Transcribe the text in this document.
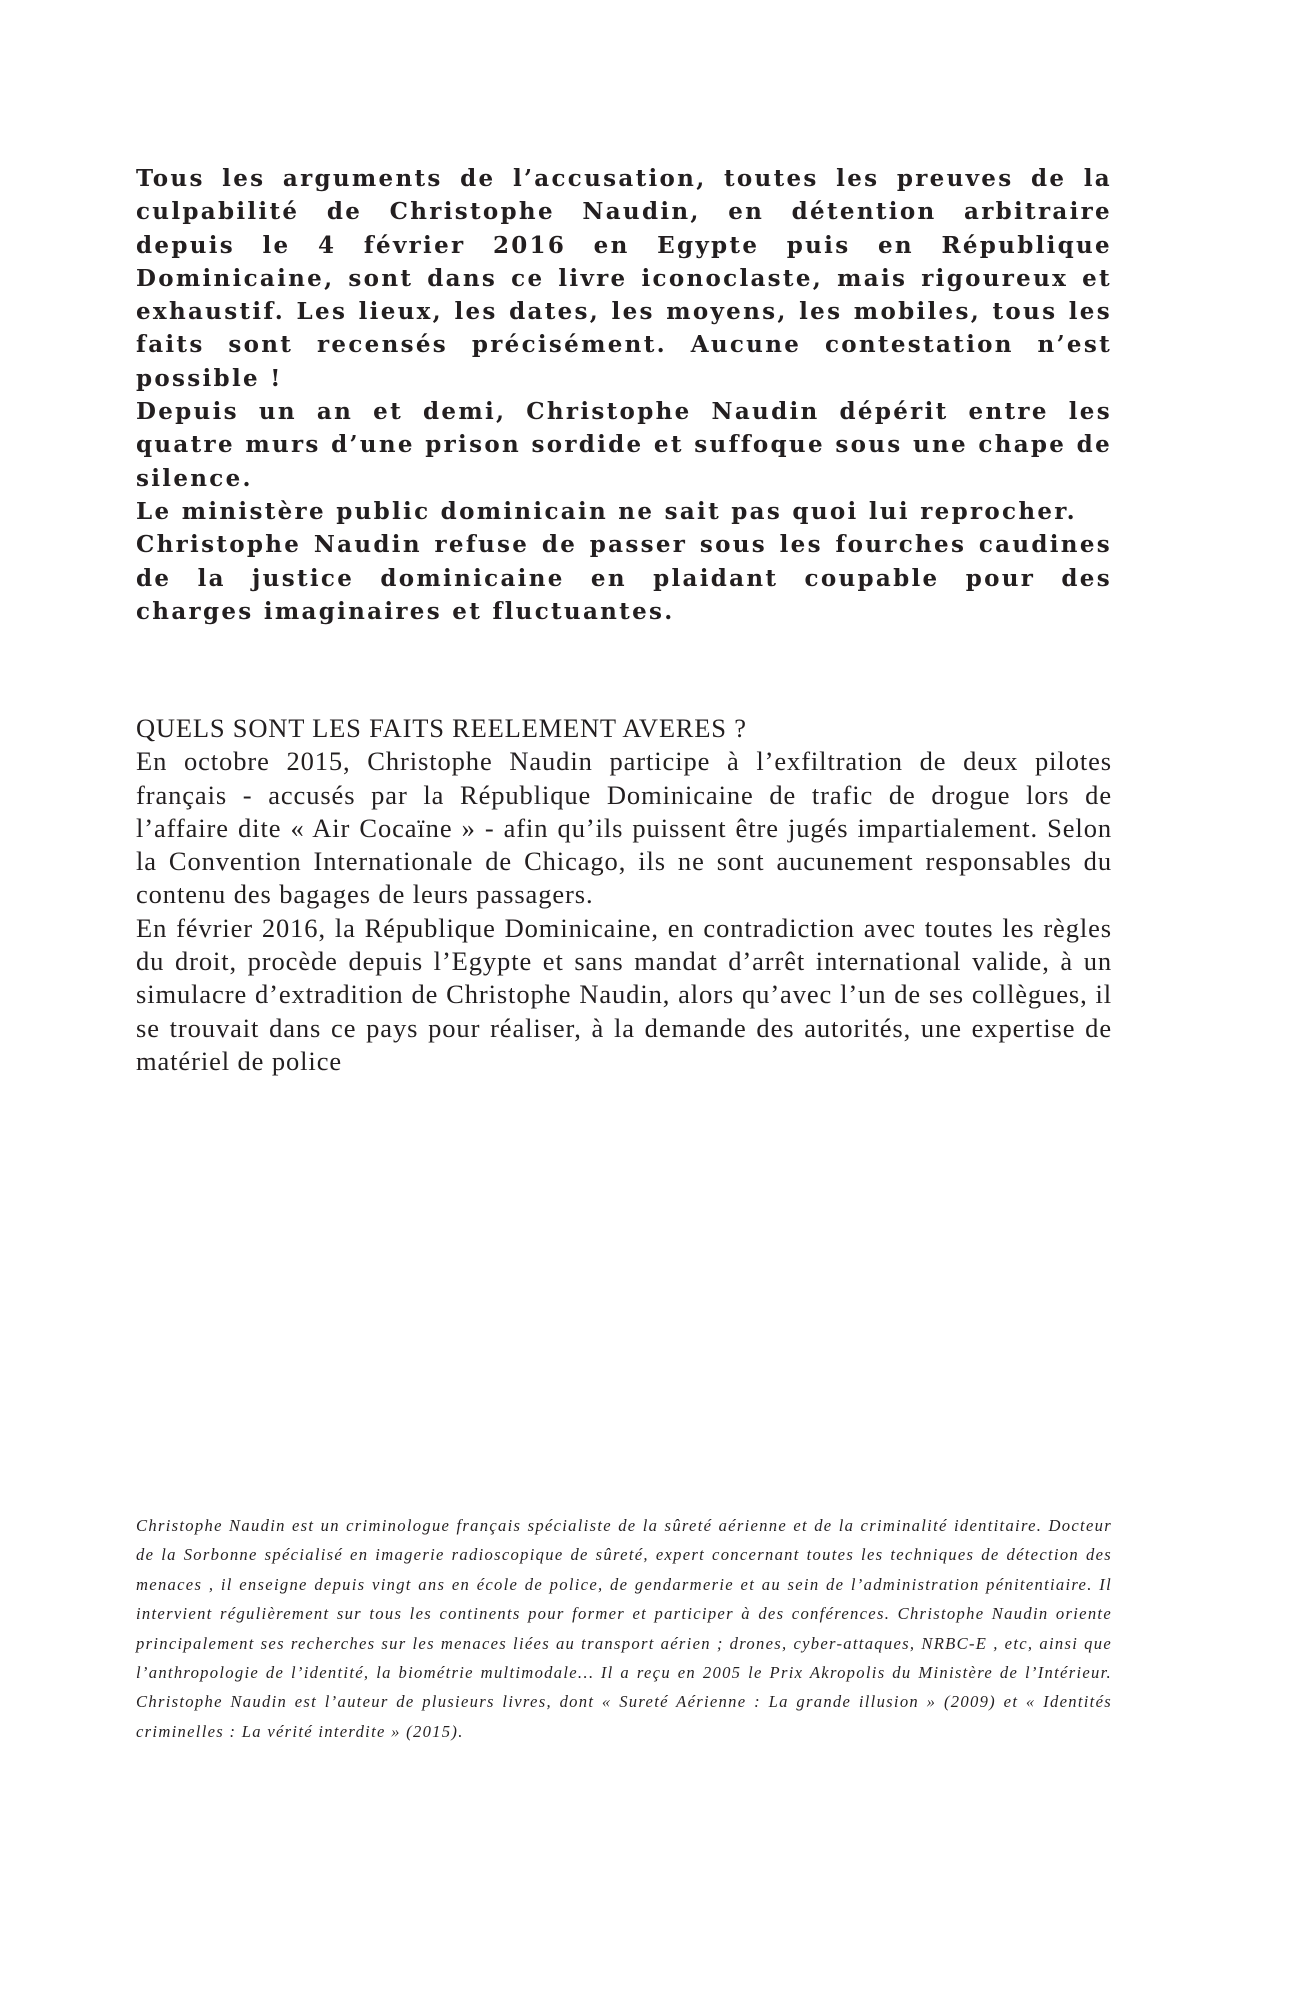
Tous les arguments de l’accusation, toutes les preuves de la culpabilité de Christophe Naudin, en détention arbitraire depuis le 4 février 2016 en Egypte puis en République Dominicaine, sont dans ce livre iconoclaste, mais rigoureux et exhaustif. Les lieux, les dates, les moyens, les mobiles, tous les faits sont recensés précisément. Aucune contestation n’est possible !

Depuis un an et demi, Christophe Naudin dépérit entre les quatre murs d’une prison sordide et suffoque sous une chape de silence.

Le ministère public dominicain ne sait pas quoi lui reprocher.

Christophe Naudin refuse de passer sous les fourches caudines de la justice dominicaine en plaidant coupable pour des charges imaginaires et fluctuantes.

QUELS SONT LES FAITS REELEMENT AVERES ?

En octobre 2015, Christophe Naudin participe à l’exfiltration de deux pilotes français - accusés par la République Dominicaine de trafic de drogue lors de l’affaire dite « Air Cocaïne » - afin qu’ils puissent être jugés impartialement. Selon la Convention Internationale de Chicago, ils ne sont aucunement responsables du contenu des bagages de leurs passagers.

En février 2016, la République Dominicaine, en contradiction avec toutes les règles du droit, procède depuis l’Egypte et sans mandat d’arrêt international valide, à un simulacre d’extradition de Christophe Naudin, alors qu’avec l’un de ses collègues, il se trouvait dans ce pays pour réaliser, à la demande des autorités, une expertise de matériel de police

Christophe Naudin est un criminologue français spécialiste de la sûreté aérienne et de la criminalité identitaire. Docteur de la Sorbonne spécialisé en imagerie radioscopique de sûreté, expert concernant toutes les techniques de détection des menaces , il enseigne depuis vingt ans en école de police, de gendarmerie et au sein de l’administration pénitentiaire. Il intervient régulièrement sur tous les continents pour former et participer à des conférences. Christophe Naudin oriente principalement ses recherches sur les menaces liées au transport aérien ; drones, cyber-attaques, NRBC-E , etc, ainsi que l’anthropologie de l’identité, la biométrie multimodale… Il a reçu en 2005 le Prix Akropolis du Ministère de l’Intérieur. Christophe Naudin est l’auteur de plusieurs livres, dont « Sureté Aérienne : La grande illusion » (2009) et « Identités criminelles : La vérité interdite » (2015).
